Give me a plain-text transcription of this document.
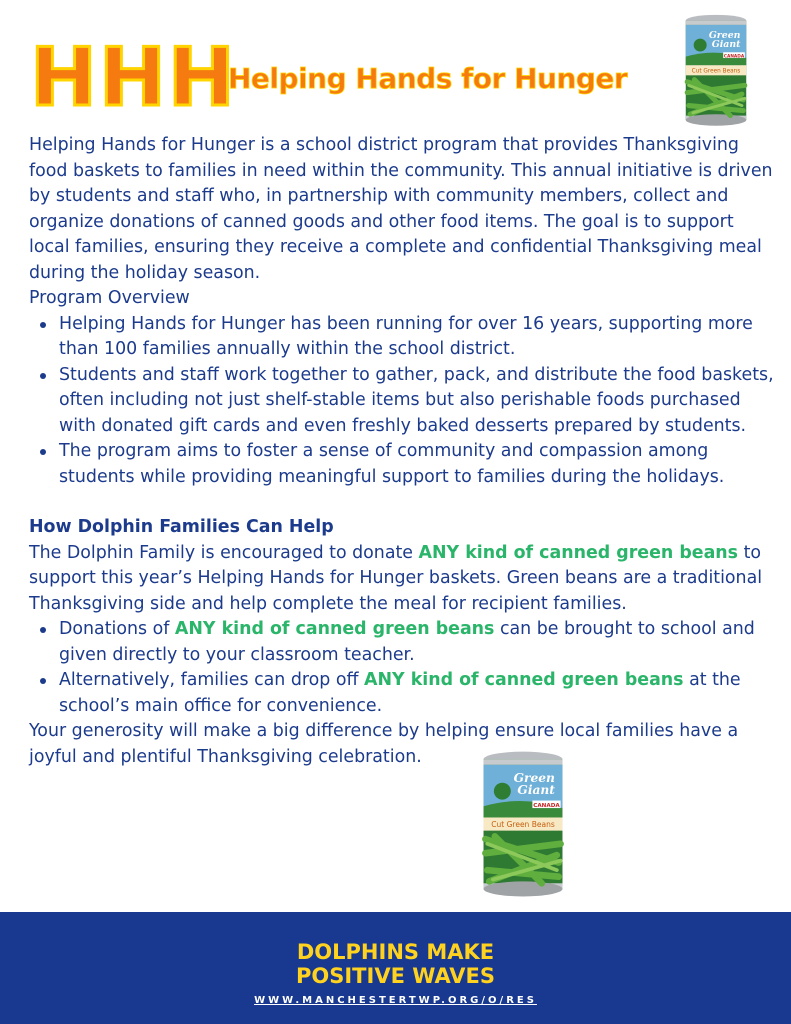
HHH
Helping Hands for Hunger
Green
Giant
CANADA
Cut Green Beans

Helping Hands for Hunger is a school district program that provides Thanksgiving food baskets to families in need within the community. This annual initiative is driven by students and staff who, in partnership with community members, collect and organize donations of canned goods and other food items. The goal is to support local families, ensuring they receive a complete and confidential Thanksgiving meal during the holiday season.

Program Overview

Helping Hands for Hunger has been running for over 16 years, supporting more than 100 families annually within the school district.
Students and staff work together to gather, pack, and distribute the food baskets, often including not just shelf-stable items but also perishable foods purchased with donated gift cards and even freshly baked desserts prepared by students.
The program aims to foster a sense of community and compassion among students while providing meaningful support to families during the holidays.

How Dolphin Families Can Help

The Dolphin Family is encouraged to donate ANY kind of canned green beans to support this year’s Helping Hands for Hunger baskets. Green beans are a traditional Thanksgiving side and help complete the meal for recipient families.

Donations of ANY kind of canned green beans can be brought to school and given directly to your classroom teacher.
Alternatively, families can drop off ANY kind of canned green beans at the school’s main office for convenience.

Your generosity will make a big difference by helping ensure local families have a joyful and plentiful Thanksgiving celebration.

Green
Giant
CANADA
Cut Green Beans
DOLPHINS MAKE
POSITIVE WAVES
WWW.MANCHESTERTWP.ORG/O/RES
